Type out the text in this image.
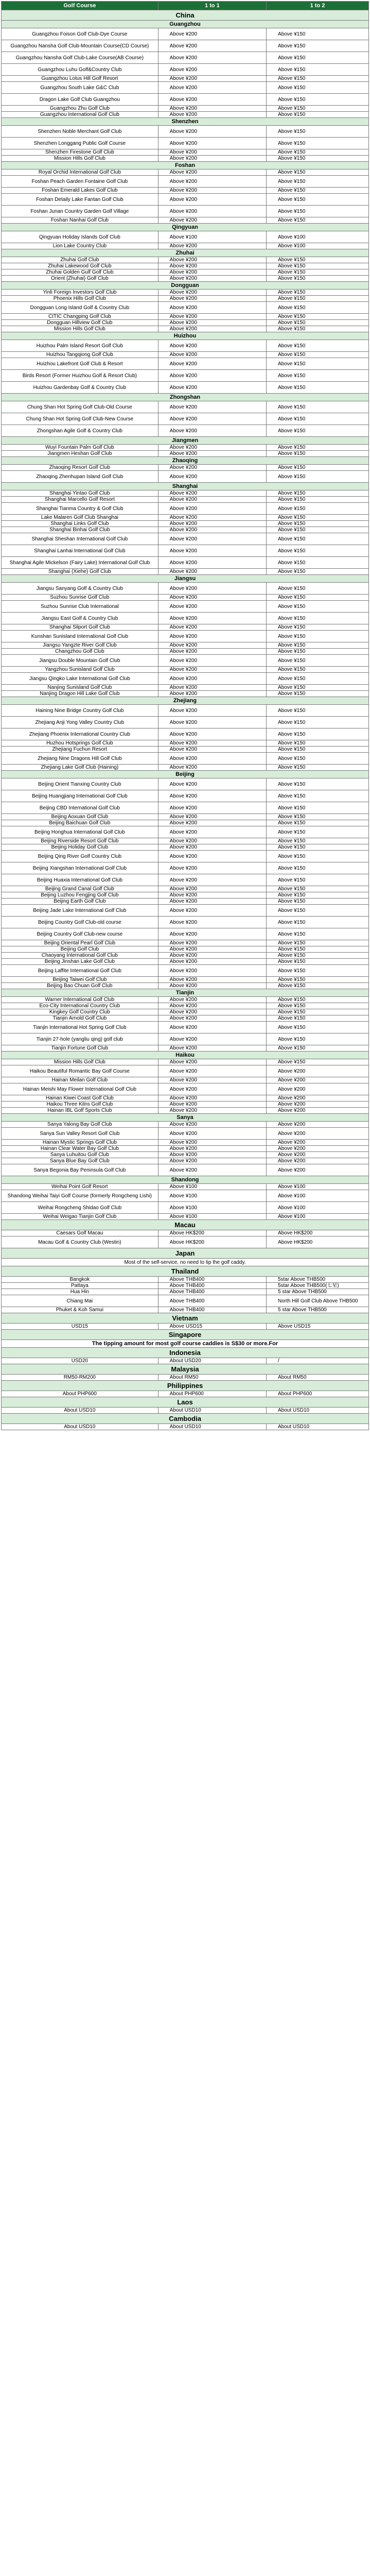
Golf Course	1 to 1	1 to 2
China		
Guangzhou		
Guangzhou Foison Golf Club-Dye Course	Above ¥200	Above ¥150
Guangzhou Nansha Golf Club-Mountain Course(CD Course)	Above ¥200	Above ¥150
Guangzhou Nansha Golf Club-Lake Course(AB Course)	Above ¥200	Above ¥150
Guangzhou Luhu Golf&Country Club	Above ¥200	Above ¥150
Guangzhou Lotus Hill Golf Resort	Above ¥200	Above ¥150
Guangzhou South Lake G&C Club	Above ¥200	Above ¥150
Dragon Lake Golf Club Guangzhou	Above ¥200	Above ¥150
Guangzhou Zhu Golf Club	Above ¥200	Above ¥150
Guangzhou International Golf Club	Above ¥200	Above ¥150
Shenzhen		
Shenzhen Noble Merchant Golf Club	Above ¥200	Above ¥150
Shenzhen Longgang Public Golf Course	Above ¥200	Above ¥150
Shenzhen Firestone Golf Club	Above ¥200	Above ¥150
Mission Hills Golf Club	Above ¥200	Above ¥150
Foshan		
Royal Orchid International Golf Club	Above ¥200	Above ¥150
Foshan Peach Garden Fontaine Golf Club	Above ¥200	Above ¥150
Foshan Emerald Lakes Golf Club	Above ¥200	Above ¥150
Foshan Detaily Lake Fantan Golf Club	Above ¥200	Above ¥150
Foshan Junan Country Garden Golf Village	Above ¥200	Above ¥150
Foshan Nanhai Golf Club	Above ¥200	Above ¥150
Qingyuan		
Qingyuan Holiday Islands Golf Club	Above ¥100	Above ¥100
Lion Lake Country Club	Above ¥200	Above ¥100
Zhuhai		
Zhuhai Golf Club	Above ¥200	Above ¥150
Zhuhai Lakewood Golf Club	Above ¥200	Above ¥150
Zhuhai Golden Gulf Golf Club	Above ¥200	Above ¥150
Orient (Zhuhai) Golf Club	Above ¥200	Above ¥150
Dongguan		
Yinli Foreign Investors Golf Club	Above ¥200	Above ¥150
Phoenix Hills Golf Club	Above ¥200	Above ¥150
Dongguan Long Island Golf & Country Club	Above ¥200	Above ¥150
CITIC Changping Golf Club	Above ¥200	Above ¥150
Dongguan Hillview Golf Club	Above ¥200	Above ¥150
Mission Hills Golf Club	Above ¥200	Above ¥150
Huizhou		
Huizhou Palm Island Resort Golf Club	Above ¥200	Above ¥150
Huizhou Tangqiong Golf Club	Above ¥200	Above ¥150
Huizhou Lakefront Golf Club & Resort	Above ¥200	Above ¥150
Birds Resort (Former Huizhou Golf & Resort Club)	Above ¥200	Above ¥150
Huizhou Gardenbay Golf & Country Club	Above ¥200	Above ¥150
Zhongshan		
Chung Shan Hot Spring Golf Club-Old Course	Above ¥200	Above ¥150
Chung Shan Hot Spring Golf Club-New Course	Above ¥200	Above ¥150
Zhongshan Agile Golf & Country Club	Above ¥200	Above ¥150
Jiangmen		
Wuyi Fountain Palm Golf Club	Above ¥200	Above ¥150
Jiangmen Heshan Golf Club	Above ¥200	Above ¥150
Zhaoqing		
Zhaoqing Resort Golf Club	Above ¥200	Above ¥150
Zhaoqing Zhenhupan Island Golf Club	Above ¥200	Above ¥150
Shanghai		
Shanghai Yintao Golf Club	Above ¥200	Above ¥150
Shanghai Marcello Golf Resort	Above ¥200	Above ¥150
Shanghai Tianma Country & Golf Club	Above ¥200	Above ¥150
Lake Malaren Golf Club Shanghai	Above ¥200	Above ¥150
Shanghai Links Golf Club	Above ¥200	Above ¥150
Shanghai Binhai Golf Club	Above ¥200	Above ¥150
Shanghai Sheshan International Golf Club	Above ¥200	Above ¥150
Shanghai Lanhai International Golf Club	Above ¥200	Above ¥150
Shanghai Agile Mickelson (Fairy Lake) International Golf Club	Above ¥200	Above ¥150
Shanghai (Xiehe) Golf Club	Above ¥200	Above ¥150
Jiangsu		
Jiangsu Sanyang Golf & Country Club	Above ¥200	Above ¥150
Suzhou Sunrise Golf Club	Above ¥200	Above ¥150
Suzhou Sunrise Club International	Above ¥200	Above ¥150
Jiangsu East Golf & Country Club	Above ¥200	Above ¥150
Shanghai Silport Golf Club	Above ¥200	Above ¥150
Kunshan Sunisland International Golf Club	Above ¥200	Above ¥150
Jiangsu Yangzte River Golf Club	Above ¥200	Above ¥150
Changzhou Golf Club	Above ¥200	Above ¥150
Jiangsu Double Mountain Golf Club	Above ¥200	Above ¥150
Yangzhou Sunisland Golf Club	Above ¥200	Above ¥150
Jiangsu Qingko Lake International Golf Club	Above ¥200	Above ¥150
Nanjing Sunisland Golf Club	Above ¥200	Above ¥150
Nanjing Dragon Hill Lake Golf Club	Above ¥200	Above ¥150
Zhejiang		
Haining Nine Bridge Country Golf Club	Above ¥200	Above ¥150
Zhejiang Anji Yong Valley Country Club	Above ¥200	Above ¥150
Zhejiang Phoenix International Country Club	Above ¥200	Above ¥150
Huzhou Hotsprings Golf Club	Above ¥200	Above ¥150
Zhejiang Fuchun Resort	Above ¥200	Above ¥150
Zhejiang Nine Dragons Hill Golf Club	Above ¥200	Above ¥150
Zhejiang Lake Golf Club (Haining)	Above ¥200	Above ¥150
Beijing		
Beijing Orient Tianxing Country Club	Above ¥200	Above ¥150
Beijing Huangjiang International Golf Club	Above ¥200	Above ¥150
Beijing CBD International Golf Club	Above ¥200	Above ¥150
Beijing Aoxuan Golf Club	Above ¥200	Above ¥150
Beijing Baichuan Golf Club	Above ¥200	Above ¥150
Beijing Honghua International Golf Club	Above ¥200	Above ¥150
Beijing Riverside Resort Golf Club	Above ¥200	Above ¥150
Beijing Holiday Golf Club	Above ¥200	Above ¥150
Beijing Qing River Golf Country Club	Above ¥200	Above ¥150
Beijing Xiangshan International Golf Club	Above ¥200	Above ¥150
Beijing Huaxia International Golf Club	Above ¥200	Above ¥150
Beijing Grand Canal Golf Club	Above ¥200	Above ¥150
Beijing Luzhou Fengjing Golf Club	Above ¥200	Above ¥150
Beijing Earth Golf Club	Above ¥200	Above ¥150
Beijing Jade Lake International Golf Club	Above ¥200	Above ¥150
Beijing Country Golf Club-old course	Above ¥200	Above ¥150
Beijing Country Golf Club-new course	Above ¥200	Above ¥150
Beijing Oriental Pearl Golf Club	Above ¥200	Above ¥150
Beijing Golf Club	Above ¥200	Above ¥150
Chaoyang International Golf Club	Above ¥200	Above ¥150
Beijing Jinshan Lake Golf Club	Above ¥200	Above ¥150
Beijing Laffite International Golf Club	Above ¥200	Above ¥150
Beijing Taiwei Golf Club	Above ¥200	Above ¥150
Beijing Bao Chuan Golf Club	Above ¥200	Above ¥150
Tianjin		
Warner International Golf Club	Above ¥200	Above ¥150
Eco-City International Country Club	Above ¥200	Above ¥150
Kingkey Golf Country Club	Above ¥200	Above ¥150
Tianjin Arnold Golf Club	Above ¥200	Above ¥150
Tianjin International Hot Spring Golf Club	Above ¥200	Above ¥150
Tianjin 27-hole (yangliu qing) golf club	Above ¥200	Above ¥150
Tianjin Fortune Golf Club	Above ¥200	Above ¥150
Haikou		
Mission Hills Golf Club	Above ¥200	Above ¥150
Haikou Beautiful Romantic Bay Golf Course	Above ¥200	Above ¥200
Hainan Meilan Golf Club	Above ¥200	Above ¥200
Hainan Meishi May Flower International Golf Club	Above ¥200	Above ¥200
Hainan Kiwei Coast Golf Club	Above ¥200	Above ¥200
Haikou Three Kilns Golf Club	Above ¥200	Above ¥200
Hainan IBL Golf Sports Club	Above ¥200	Above ¥200
Sanya		
Sanya Yalong Bay Golf Club	Above ¥200	Above ¥200
Sanya Sun Valley Resort Golf Club	Above ¥200	Above ¥200
Hainan Mystic Springs Golf Club	Above ¥200	Above ¥200
Hainan Clear Water Bay Golf Club	Above ¥200	Above ¥200
Sanya Luhuitou Golf Club	Above ¥200	Above ¥200
Sanya Blue Bay Golf Club	Above ¥200	Above ¥200
Sanya Begonia Bay Peninsula Golf Club	Above ¥200	Above ¥200
Shandong		
Weihai Point Golf Resort	Above ¥100	Above ¥100
Shandong Weihai Taiyi Golf Course (formerly Rongcheng Lishi)	Above ¥100	Above ¥100
Weihai Rongcheng Shidao Golf Club	Above ¥100	Above ¥100
Weihai Weigao Tianjin Golf Club	Above ¥100	Above ¥100
Macau		
Caesars Golf Macau	Above HK$200	Above HK$200
Macau Golf & Country Club (Westin)	Above HK$200	Above HK$200
Japan		
Most of the self-service, no need to tip the golf caddy.		
Thailand		
Bangkok	Above THB400	5star Above THB500
Pattaya	Above THB400	5star Above THB500(七星)
Hua Hin	Above THB400	5 star Above THB500
Chiang Mai	Above THB400	North Hill Golf Club Above THB500
Phuket & Koh Samui	Above THB400	5 star Above THB500
Vietnam		
USD15	Above USD15	Above USD15
Singapore		
The tipping amount for most golf course caddies is S$30 or more.For		
Indonesia		
USD20	About USD20	/
Malaysia		
RM50-RM200	About RM50	About RM50
Philippines		
About PHP600	About PHP600	About PHP600
Laos		
About USD10	About USD10	About USD10
Cambodia		
About USD10	About USD10	About USD10
